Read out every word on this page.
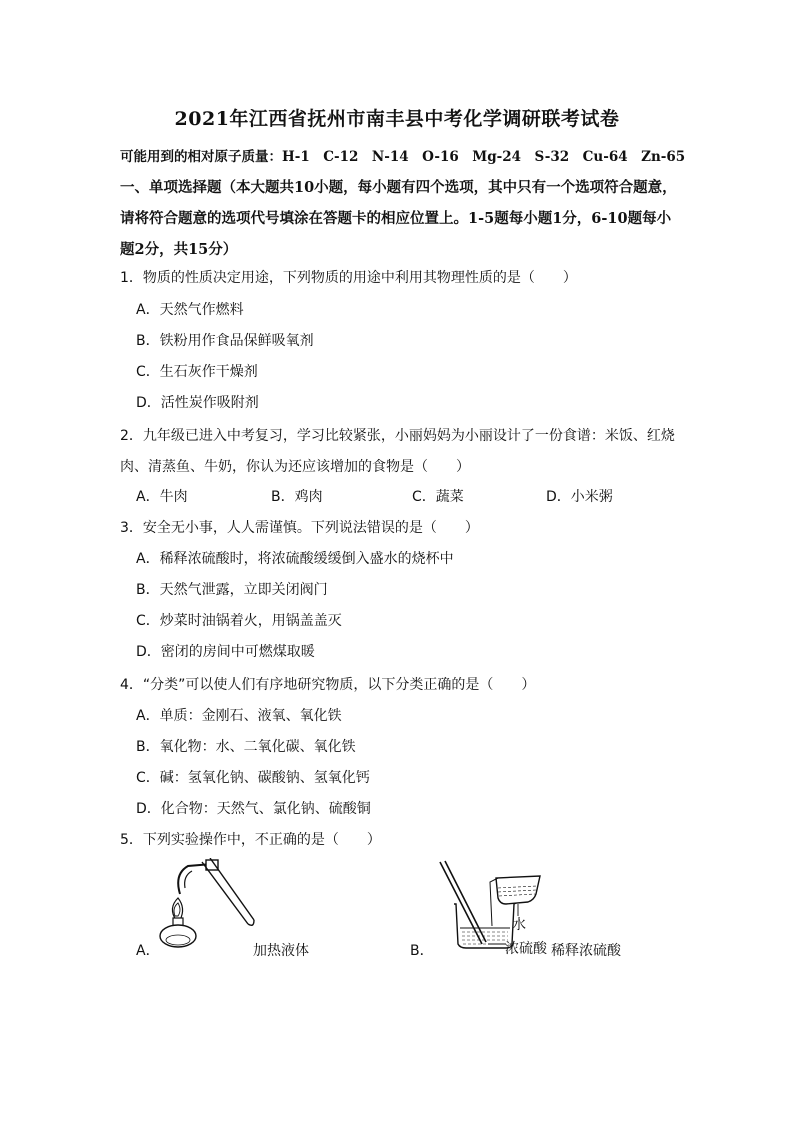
2021年江西省抚州市南丰县中考化学调研联考试卷
可能用到的相对原子质量：H-1　C-12　N-14　O-16　Mg-24　S-32　Cu-64　Zn-65
一、单项选择题（本大题共10小题，每小题有四个选项，其中只有一个选项符合题意，请将符合题意的选项代号填涂在答题卡的相应位置上。1-5题每小题1分，6-10题每小题2分，共15分）
1．物质的性质决定用途，下列物质的用途中利用其物理性质的是（　　）
A．天然气作燃料
B．铁粉用作食品保鲜吸氧剂
C．生石灰作干燥剂
D．活性炭作吸附剂
2．九年级已进入中考复习，学习比较紧张，小丽妈妈为小丽设计了一份食谱：米饭、红烧肉、清蒸鱼、牛奶，你认为还应该增加的食物是（　　）
A．牛肉	B．鸡肉	C．蔬菜	D．小米粥
3．安全无小事，人人需谨慎。下列说法错误的是（　　）
A．稀释浓硫酸时，将浓硫酸缓缓倒入盛水的烧杯中
B．天然气泄露，立即关闭阀门
C．炒菜时油锅着火，用锅盖盖灭
D．密闭的房间中可燃煤取暖
4．“分类”可以使人们有序地研究物质，以下分类正确的是（　　）
A．单质：金刚石、液氧、氧化铁
B．氧化物：水、二氧化碳、氧化铁
C．碱：氢氧化钠、碳酸钠、氢氧化钙
D．化合物：天然气、氯化钠、硫酸铜
5．下列实验操作中，不正确的是（　　）
A．	加热液体
水
B．	浓硫酸 稀释浓硫酸
